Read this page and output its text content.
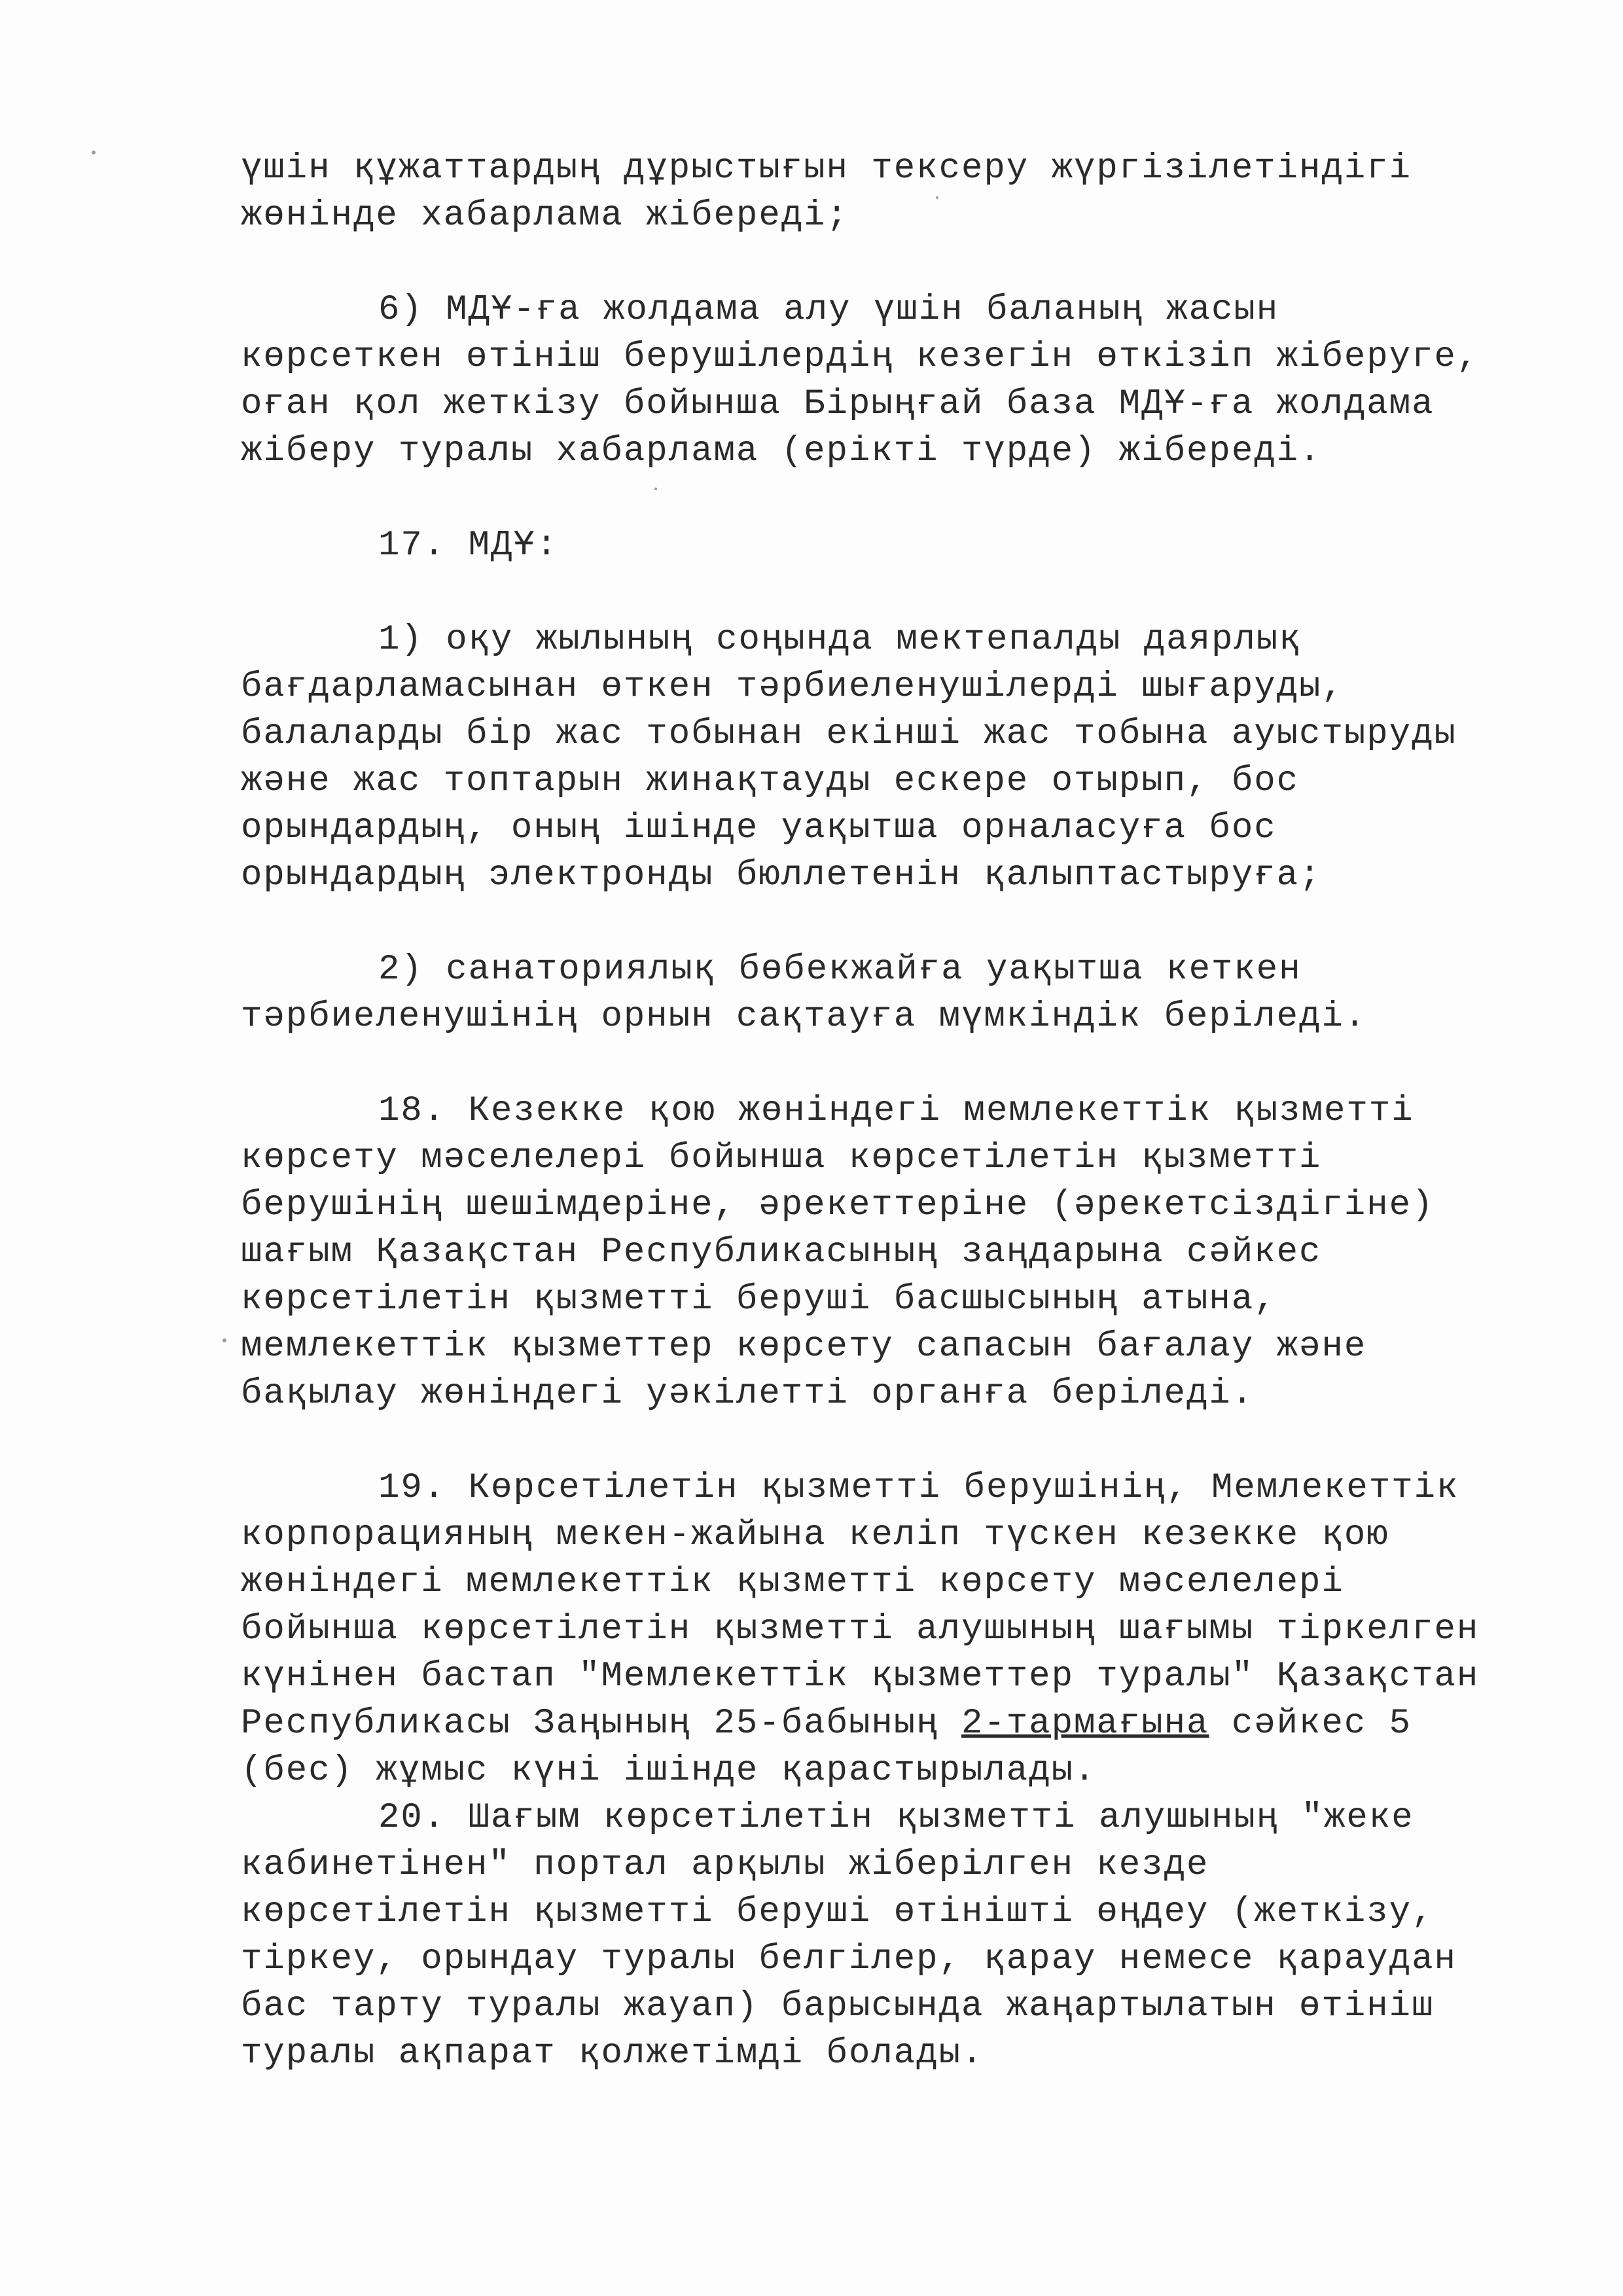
үшін құжаттардың дұрыстығын тексеру жүргізілетіндігі
жөнінде хабарлама жібереді;
6) МДҰ-ға жолдама алу үшін баланың жасын
көрсеткен өтініш берушілердің кезегін өткізіп жіберуге,
оған қол жеткізу бойынша Бірыңғай база МДҰ-ға жолдама
жіберу туралы хабарлама (ерікті түрде) жібереді.
17. МДҰ:
1) оқу жылының соңында мектепалды даярлық
бағдарламасынан өткен тәрбиеленушілерді шығаруды,
балаларды бір жас тобынан екінші жас тобына ауыстыруды
және жас топтарын жинақтауды ескере отырып, бос
орындардың, оның ішінде уақытша орналасуға бос
орындардың электронды бюллетенін қалыптастыруға;
2) санаториялық бөбекжайға уақытша кеткен
тәрбиеленушінің орнын сақтауға мүмкіндік беріледі.
18. Кезекке қою жөніндегі мемлекеттік қызметті
көрсету мәселелері бойынша көрсетілетін қызметті
берушінің шешімдеріне, әрекеттеріне (әрекетсіздігіне)
шағым Қазақстан Республикасының заңдарына сәйкес
көрсетілетін қызметті беруші басшысының атына,
мемлекеттік қызметтер көрсету сапасын бағалау және
бақылау жөніндегі уәкілетті органға беріледі.
19. Көрсетілетін қызметті берушінің, Мемлекеттік
корпорацияның мекен-жайына келіп түскен кезекке қою
жөніндегі мемлекеттік қызметті көрсету мәселелері
бойынша көрсетілетін қызметті алушының шағымы тіркелген
күнінен бастап "Мемлекеттік қызметтер туралы" Қазақстан
Республикасы Заңының 25-бабының 2-тармағына сәйкес 5
(бес) жұмыс күні ішінде қарастырылады.
20. Шағым көрсетілетін қызметті алушының "жеке
кабинетінен" портал арқылы жіберілген кезде
көрсетілетін қызметті беруші өтінішті өңдеу (жеткізу,
тіркеу, орындау туралы белгілер, қарау немесе қараудан
бас тарту туралы жауап) барысында жаңартылатын өтініш
туралы ақпарат қолжетімді болады.
